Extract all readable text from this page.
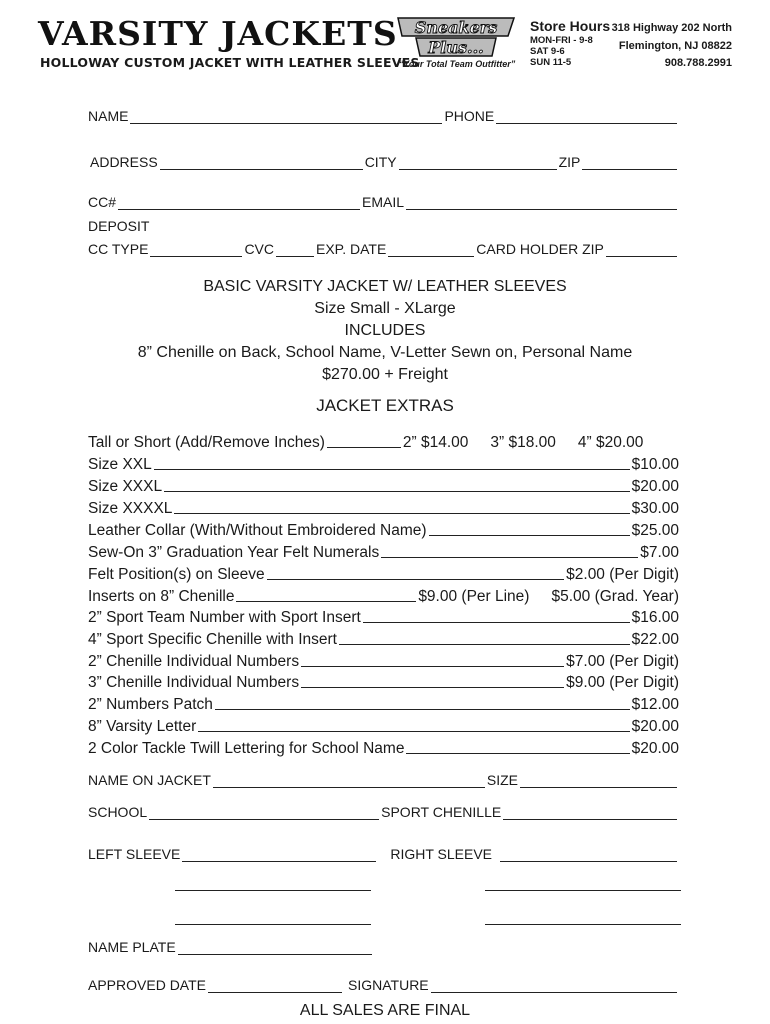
VARSITY JACKETS
HOLLOWAY CUSTOM JACKET WITH LEATHER SLEEVES
Sneakers
Plus...
“Your Total Team Outfitter”
Store Hours
MON-FRI - 9-8
SAT 9-6
SUN 11-5
318 Highway 202 North
Flemington, NJ 08822
908.788.2991
NAME	PHONE
ADDRESS	CITY	ZIP
CC#	EMAIL
DEPOSIT
CC TYPE	CVC	EXP. DATE	CARD HOLDER ZIP
BASIC VARSITY JACKET W/ LEATHER SLEEVES
Size Small - XLarge
INCLUDES
8” Chenille on Back, School Name, V-Letter Sewn on, Personal Name
$270.00 + Freight
JACKET EXTRAS
Tall or Short (Add/Remove Inches)	2” $14.00 3” $18.00 4” $20.00
Size XXL	$10.00
Size XXXL	$20.00
Size XXXXL	$30.00
Leather Collar (With/Without Embroidered Name)	$25.00
Sew-On 3” Graduation Year Felt Numerals	$7.00
Felt Position(s) on Sleeve	$2.00 (Per Digit)
Inserts on 8” Chenille	$9.00 (Per Line) $5.00 (Grad. Year)
2” Sport Team Number with Sport Insert	$16.00
4” Sport Specific Chenille with Insert	$22.00
2” Chenille Individual Numbers	$7.00 (Per Digit)
3” Chenille Individual Numbers	$9.00 (Per Digit)
2” Numbers Patch	$12.00
8” Varsity Letter	$20.00
2 Color Tackle Twill Lettering for School Name	$20.00
NAME ON JACKET	SIZE
SCHOOL	SPORT CHENILLE
LEFT SLEEVE	RIGHT SLEEVE
NAME PLATE
APPROVED DATE	SIGNATURE
ALL SALES ARE FINAL
